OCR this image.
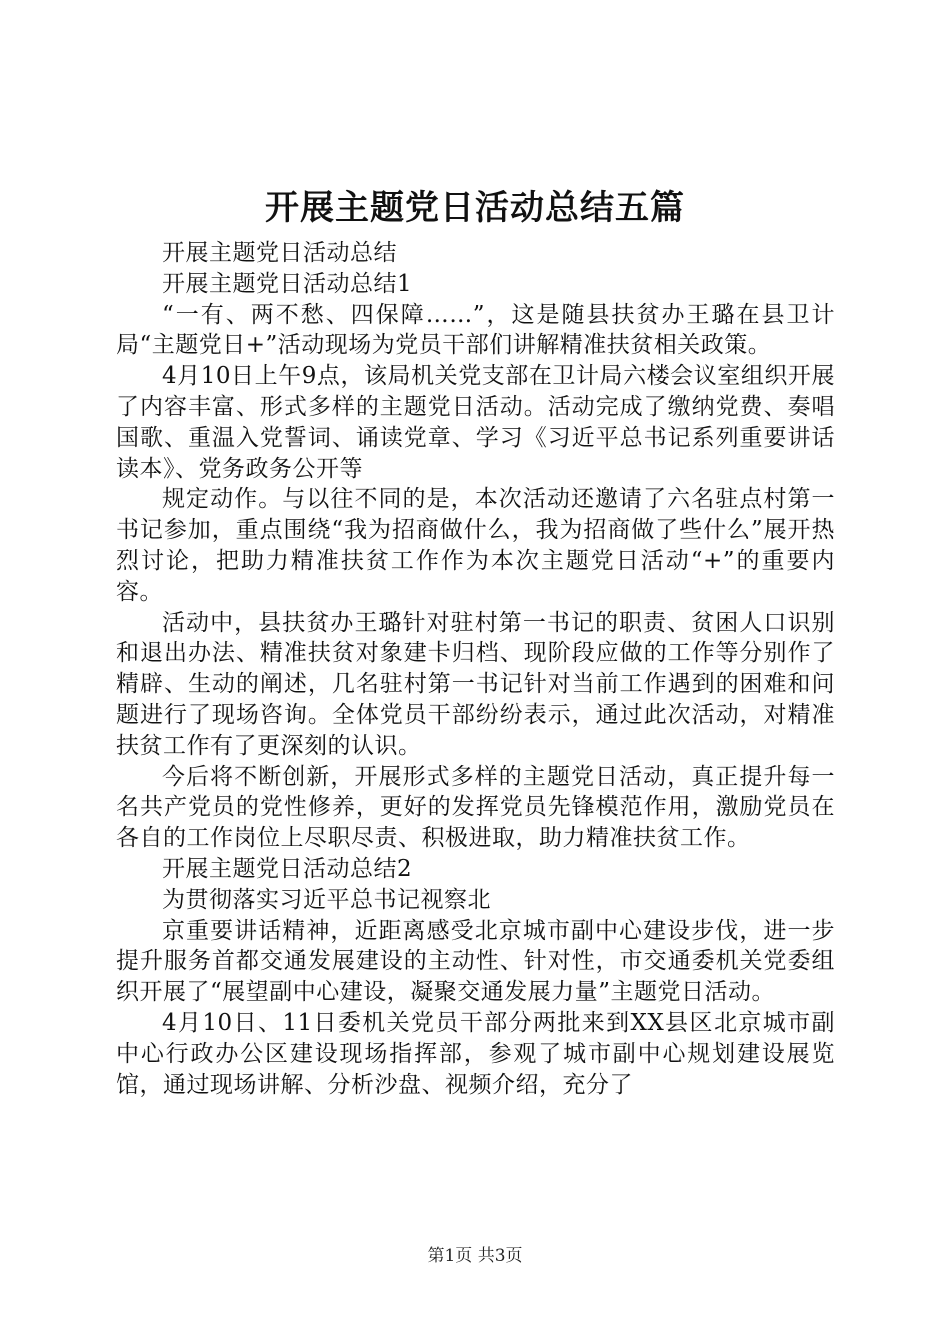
开展主题党日活动总结五篇

开展主题党日活动总结

开展主题党日活动总结1

“一有、两不愁、四保障……”，这是随县扶贫办王璐在县卫计局“主题党日+”活动现场为党员干部们讲解精准扶贫相关政策。

4月10日上午9点，该局机关党支部在卫计局六楼会议室组织开展了内容丰富、形式多样的主题党日活动。活动完成了缴纳党费、奏唱国歌、重温入党誓词、诵读党章、学习《习近平总书记系列重要讲话读本》、党务政务公开等

规定动作。与以往不同的是，本次活动还邀请了六名驻点村第一书记参加，重点围绕“我为招商做什么，我为招商做了些什么”展开热烈讨论，把助力精准扶贫工作作为本次主题党日活动“+”的重要内容。

活动中，县扶贫办王璐针对驻村第一书记的职责、贫困人口识别和退出办法、精准扶贫对象建卡归档、现阶段应做的工作等分别作了精辟、生动的阐述，几名驻村第一书记针对当前工作遇到的困难和问题进行了现场咨询。全体党员干部纷纷表示，通过此次活动，对精准扶贫工作有了更深刻的认识。

今后将不断创新，开展形式多样的主题党日活动，真正提升每一名共产党员的党性修养，更好的发挥党员先锋模范作用，激励党员在各自的工作岗位上尽职尽责、积极进取，助力精准扶贫工作。

开展主题党日活动总结2

为贯彻落实习近平总书记视察北

京重要讲话精神，近距离感受北京城市副中心建设步伐，进一步提升服务首都交通发展建设的主动性、针对性，市交通委机关党委组织开展了“展望副中心建设，凝聚交通发展力量”主题党日活动。

4月10日、11日委机关党员干部分两批来到XX县区北京城市副中心行政办公区建设现场指挥部，参观了城市副中心规划建设展览馆，通过现场讲解、分析沙盘、视频介绍，充分了

第1页 共3页
